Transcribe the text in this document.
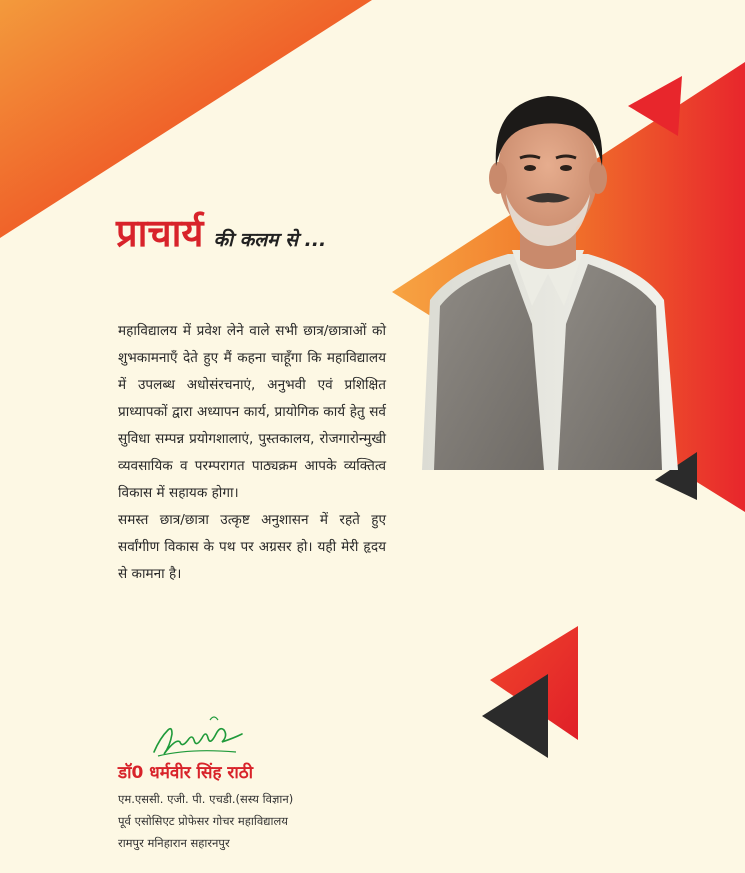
प्राचार्य की कलम से ...

महाविद्यालय में प्रवेश लेने वाले सभी छात्र/छात्राओं को शुभकामनाएँ देते हुए मैं कहना चाहूँगा कि महाविद्यालय में उपलब्ध अधोसंरचनाएं, अनुभवी एवं प्रशिक्षित प्राध्यापकों द्वारा अध्यापन कार्य, प्रायोगिक कार्य हेतु सर्व सुविधा सम्पन्न प्रयोगशालाएं, पुस्तकालय, रोजगारोन्मुखी व्यवसायिक व परम्परागत पाठ्यक्रम आपके व्यक्तित्व विकास में सहायक होगा।

समस्त छात्र/छात्रा उत्कृष्ट अनुशासन में रहते हुए सर्वांगीण विकास के पथ पर अग्रसर हो। यही मेरी हृदय से कामना है।

डॉ0 धर्मवीर सिंह राठी
एम.एससी. एजी. पी. एचडी.(सस्य विज्ञान)
पूर्व एसोसिएट प्रोफेसर गोचर महाविद्यालय
रामपुर मनिहारान सहारनपुर
